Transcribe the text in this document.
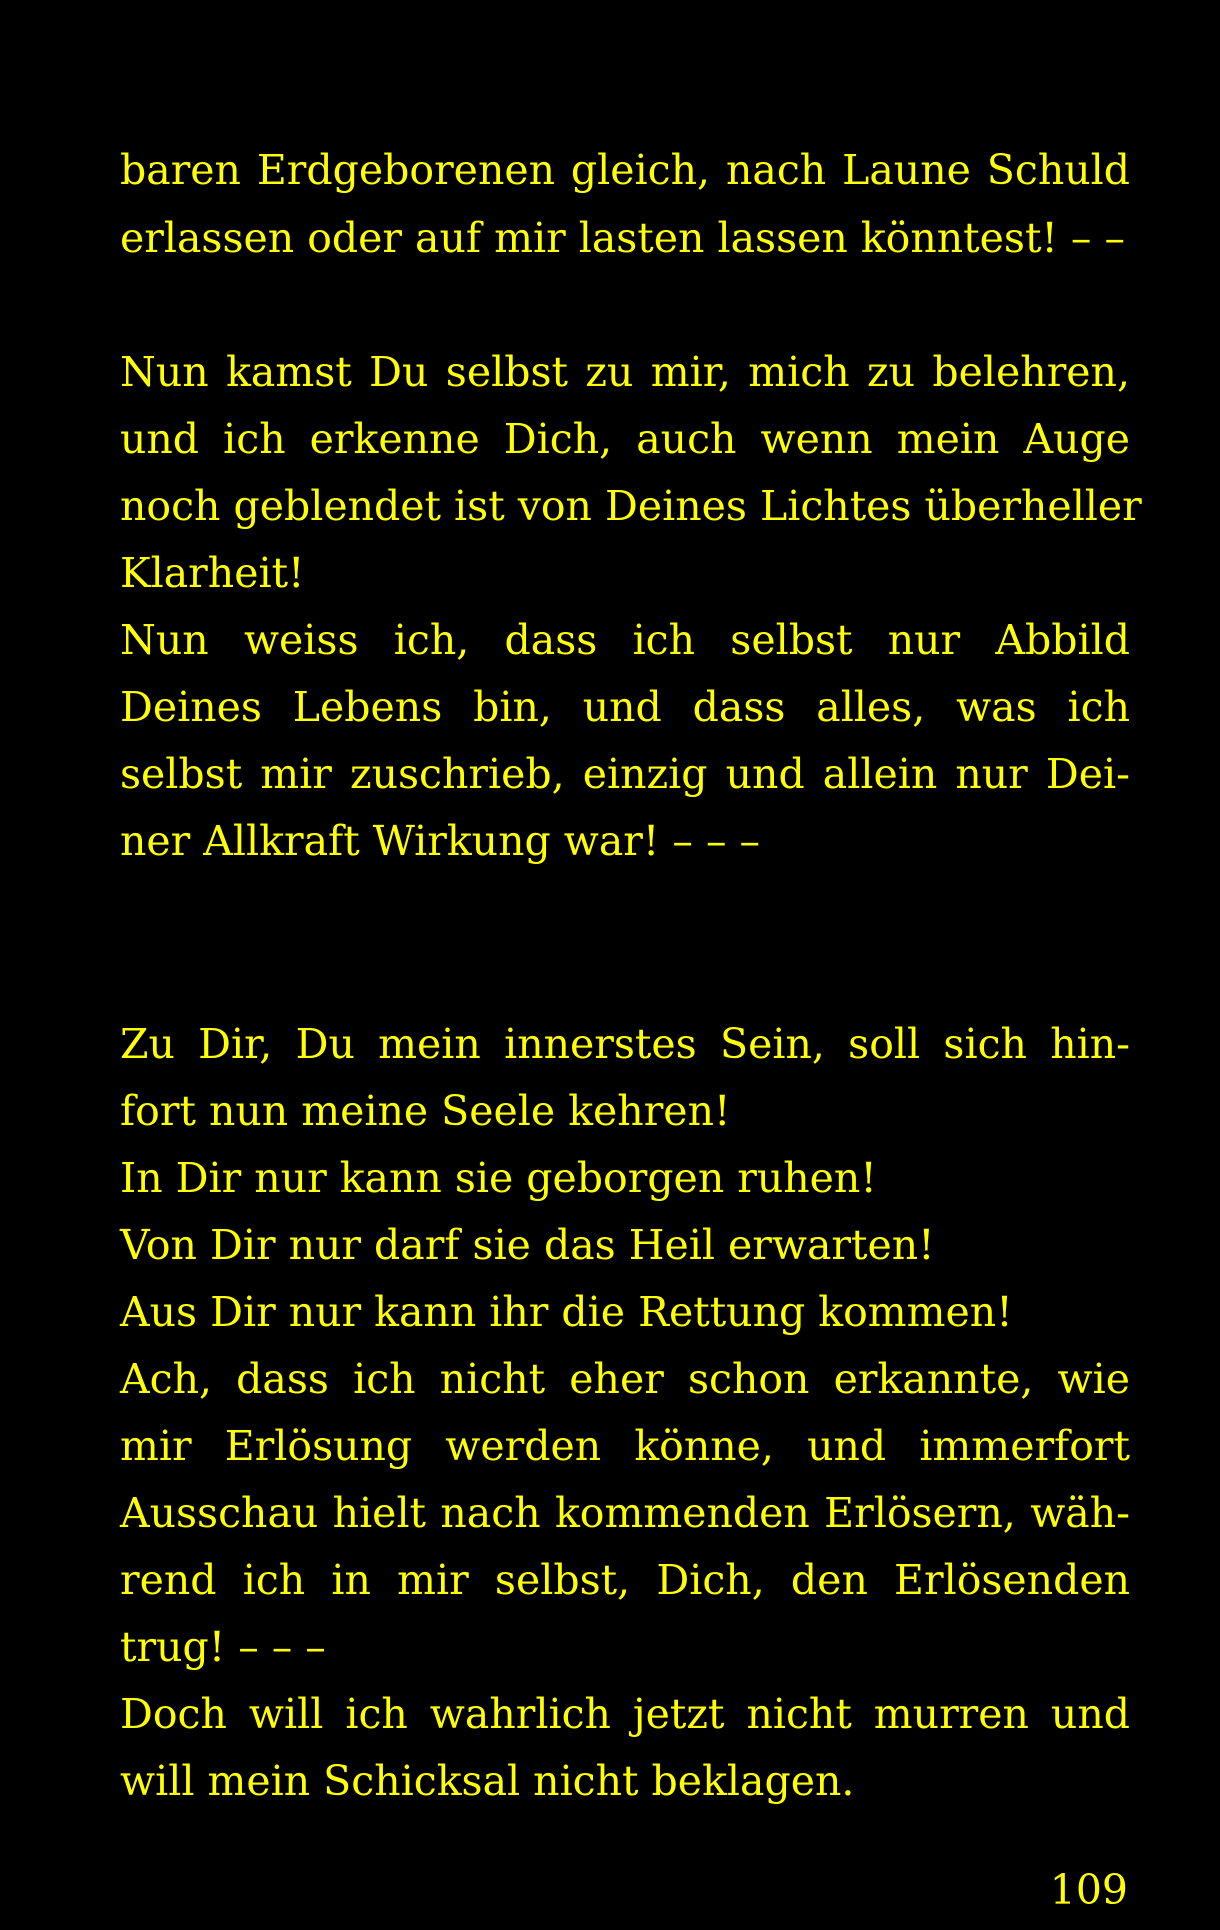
baren Erdgeborenen gleich, nach Laune Schuld
erlassen oder auf mir lasten lassen könntest! – –
Nun kamst Du selbst zu mir, mich zu belehren,
und ich erkenne Dich, auch wenn mein Auge
noch geblendet ist von Deines Lichtes überheller
Klarheit!
Nun weiss ich, dass ich selbst nur Abbild
Deines Lebens bin, und dass alles, was ich
selbst mir zuschrieb, einzig und allein nur Dei-
ner Allkraft Wirkung war! – – –
Zu Dir, Du mein innerstes Sein, soll sich hin-
fort nun meine Seele kehren!
In Dir nur kann sie geborgen ruhen!
Von Dir nur darf sie das Heil erwarten!
Aus Dir nur kann ihr die Rettung kommen!
Ach, dass ich nicht eher schon erkannte, wie
mir Erlösung werden könne, und immerfort
Ausschau hielt nach kommenden Erlösern, wäh-
rend ich in mir selbst, Dich, den Erlösenden
trug! – – –
Doch will ich wahrlich jetzt nicht murren und
will mein Schicksal nicht beklagen.
109
